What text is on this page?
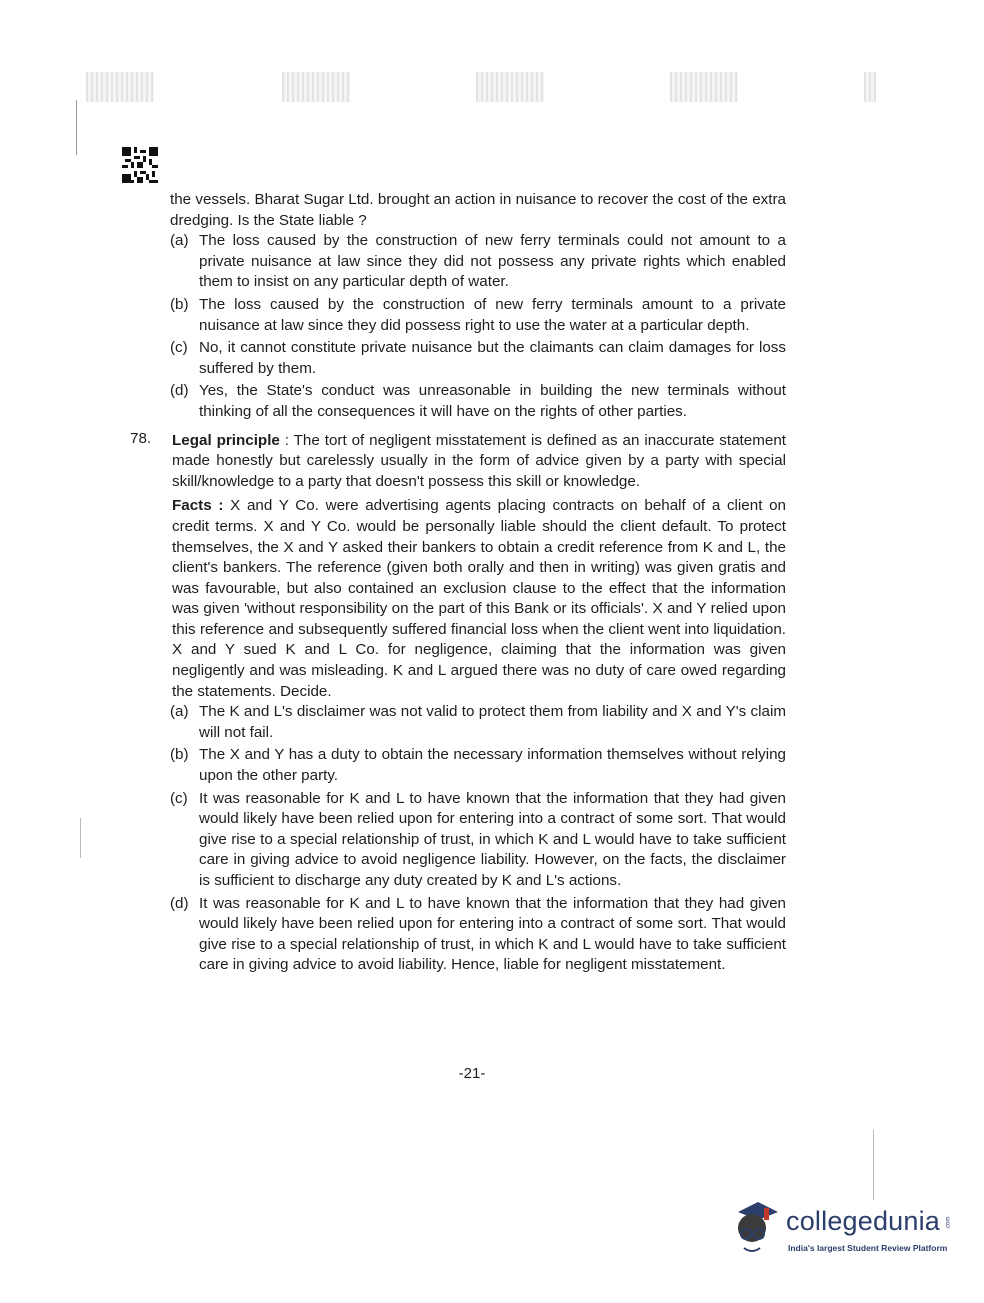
the vessels. Bharat Sugar Ltd. brought an action in nuisance to recover the cost of the extra dredging. Is the State liable ?
(a) The loss caused by the construction of new ferry terminals could not amount to a private nuisance at law since they did not possess any private rights which enabled them to insist on any particular depth of water.
(b) The loss caused by the construction of new ferry terminals amount to a private nuisance at law since they did possess right to use the water at a particular depth.
(c) No, it cannot constitute private nuisance but the claimants can claim damages for loss suffered by them.
(d) Yes, the State's conduct was unreasonable in building the new terminals without thinking of all the consequences it will have on the rights of other parties.
78.	Legal principle : The tort of negligent misstatement is defined as an inaccurate statement made honestly but carelessly usually in the form of advice given by a party with special skill/knowledge to a party that doesn't possess this skill or knowledge.
Facts : X and Y Co. were advertising agents placing contracts on behalf of a client on credit terms. X and Y Co. would be personally liable should the client default. To protect themselves, the X and Y asked their bankers to obtain a credit reference from K and L, the client's bankers. The reference (given both orally and then in writing) was given gratis and was favourable, but also contained an exclusion clause to the effect that the information was given 'without responsibility on the part of this Bank or its officials'. X and Y relied upon this reference and subsequently suffered financial loss when the client went into liquidation. X and Y sued K and L Co. for negligence, claiming that the information was given negligently and was misleading. K and L argued there was no duty of care owed regarding the statements. Decide.
(a) The K and L's disclaimer was not valid to protect them from liability and X and Y's claim will not fail.
(b) The X and Y has a duty to obtain the necessary information themselves without relying upon the other party.
(c) It was reasonable for K and L to have known that the information that they had given would likely have been relied upon for entering into a contract of some sort. That would give rise to a special relationship of trust, in which K and L would have to take sufficient care in giving advice to avoid negligence liability. However, on the facts, the disclaimer is sufficient to discharge any duty created by K and L's actions.
(d) It was reasonable for K and L to have known that the information that they had given would likely have been relied upon for entering into a contract of some sort. That would give rise to a special relationship of trust, in which K and L would have to take sufficient care in giving advice to avoid liability. Hence, liable for negligent misstatement.
-21-
collegedunia .com
India's largest Student Review Platform
